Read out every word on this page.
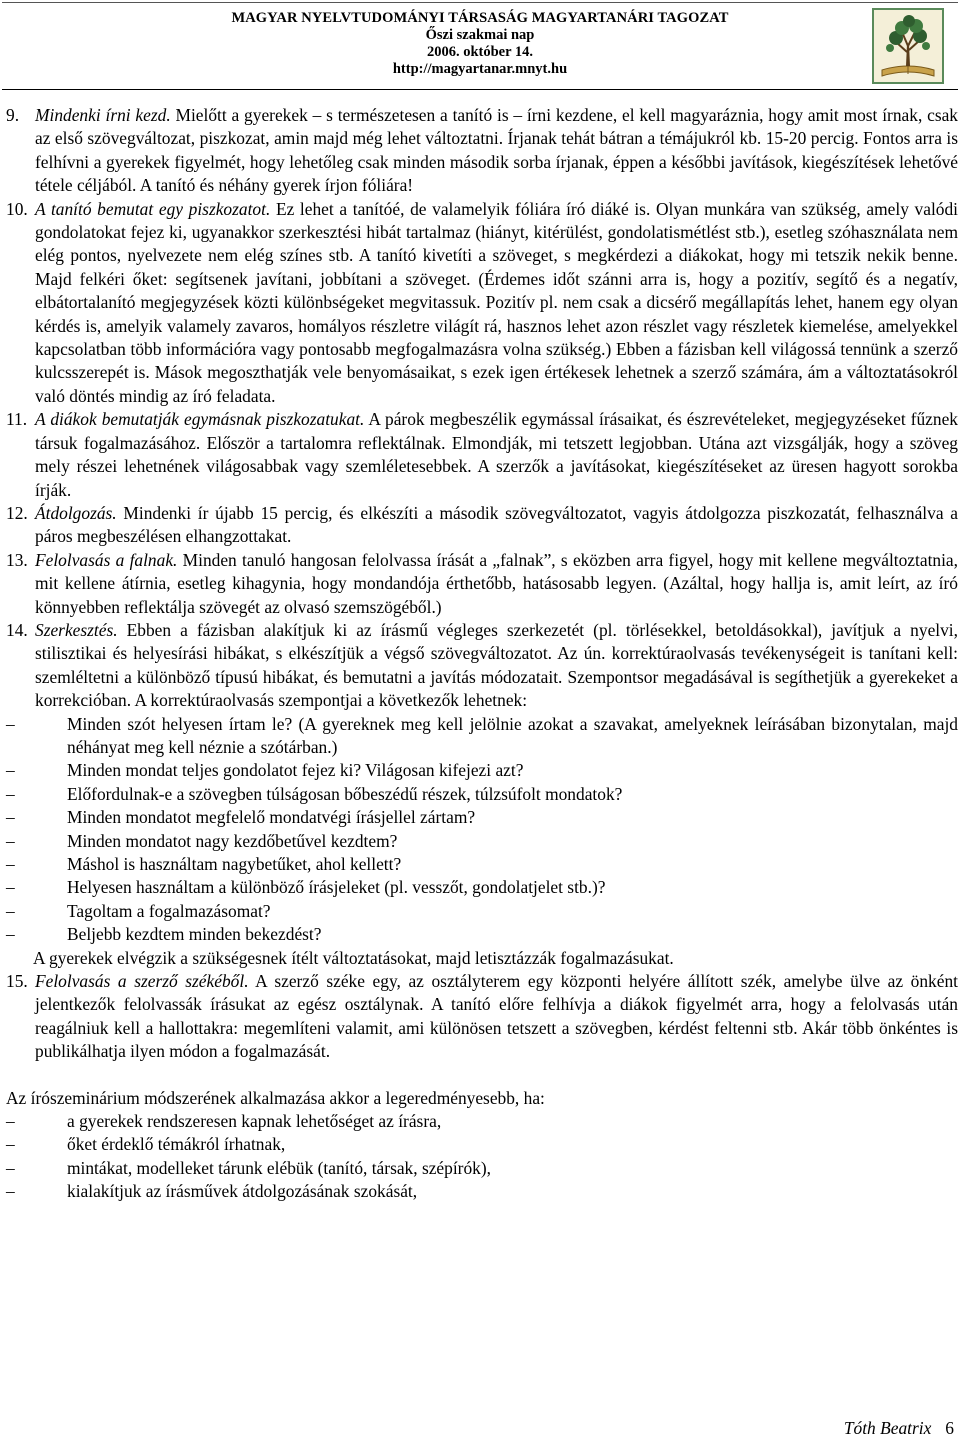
MAGYAR NYELVTUDOMÁNYI TÁRSASÁG MAGYARTANÁRI TAGOZAT
Őszi szakmai nap
2006. október 14.
http://magyartanar.mnyt.hu
9. Mindenki írni kezd. Mielőtt a gyerekek – s természetesen a tanító is – írni kezdene, el kell magyaráznia, hogy amit most írnak, csak az első szövegváltozat, piszkozat, amin majd még lehet változtatni. Írjanak tehát bátran a témájukról kb. 15-20 percig. Fontos arra is felhívni a gyerekek figyelmét, hogy lehetőleg csak minden második sorba írjanak, éppen a későbbi javítások, kiegészítések lehetővé tétele céljából. A tanító és néhány gyerek írjon fóliára!

10. A tanító bemutat egy piszkozatot. Ez lehet a tanítóé, de valamelyik fóliára író diáké is. Olyan munkára van szükség, amely valódi gondolatokat fejez ki, ugyanakkor szerkesztési hibát tartalmaz (hiányt, kitérülést, gondolatismétlést stb.), esetleg szóhasználata nem elég pontos, nyelvezete nem elég színes stb. A tanító kivetíti a szöveget, s megkérdezi a diákokat, hogy mi tetszik nekik benne. Majd felkéri őket: segítsenek javítani, jobbítani a szöveget. (Érdemes időt szánni arra is, hogy a pozitív, segítő és a negatív, elbátortalanító megjegyzések közti különbségeket megvitassuk. Pozitív pl. nem csak a dicsérő megállapítás lehet, hanem egy olyan kérdés is, amelyik valamely zavaros, homályos részletre világít rá, hasznos lehet azon részlet vagy részletek kiemelése, amelyekkel kapcsolatban több információra vagy pontosabb megfogalmazásra volna szükség.) Ebben a fázisban kell világossá tennünk a szerző kulcsszerepét is. Mások megoszthatják vele benyomásaikat, s ezek igen értékesek lehetnek a szerző számára, ám a változtatásokról való döntés mindig az író feladata.

11. A diákok bemutatják egymásnak piszkozatukat. A párok megbeszélik egymással írásaikat, és észrevételeket, megjegyzéseket fűznek társuk fogalmazásához. Először a tartalomra reflektálnak. Elmondják, mi tetszett legjobban. Utána azt vizsgálják, hogy a szöveg mely részei lehetnének világosabbak vagy szemléletesebbek. A szerzők a javításokat, kiegészítéseket az üresen hagyott sorokba írják.

12. Átdolgozás. Mindenki ír újabb 15 percig, és elkészíti a második szövegváltozatot, vagyis átdolgozza piszkozatát, felhasználva a páros megbeszélésen elhangzottakat.

13. Felolvasás a falnak. Minden tanuló hangosan felolvassa írását a „falnak”, s eközben arra figyel, hogy mit kellene megváltoztatnia, mit kellene átírnia, esetleg kihagynia, hogy mondandója érthetőbb, hatásosabb legyen. (Azáltal, hogy hallja is, amit leírt, az író könnyebben reflektálja szövegét az olvasó szemszögéből.)

14. Szerkesztés. Ebben a fázisban alakítjuk ki az írásmű végleges szerkezetét (pl. törlésekkel, betoldásokkal), javítjuk a nyelvi, stilisztikai és helyesírási hibákat, s elkészítjük a végső szövegváltozatot. Az ún. korrektúraolvasás tevékenységeit is tanítani kell: szemléltetni a különböző típusú hibákat, és bemutatni a javítás módozatait. Szempontsor megadásával is segíthetjük a gyerekeket a korrekcióban. A korrektúraolvasás szempontjai a következők lehetnek:

–	Minden szót helyesen írtam le? (A gyereknek meg kell jelölnie azokat a szavakat, amelyeknek leírásában bizonytalan, majd néhányat meg kell néznie a szótárban.)
–	Minden mondat teljes gondolatot fejez ki? Világosan kifejezi azt?
–	Előfordulnak-e a szövegben túlságosan bőbeszédű részek, túlzsúfolt mondatok?
–	Minden mondatot megfelelő mondatvégi írásjellel zártam?
–	Minden mondatot nagy kezdőbetűvel kezdtem?
–	Máshol is használtam nagybetűket, ahol kellett?
–	Helyesen használtam a különböző írásjeleket (pl. vesszőt, gondolatjelet stb.)?
–	Tagoltam a fogalmazásomat?
–	Beljebb kezdtem minden bekezdést?
A gyerekek elvégzik a szükségesnek ítélt változtatásokat, majd letisztázzák fogalmazásukat.
15. Felolvasás a szerző székéből. A szerző széke egy, az osztályterem egy központi helyére állított szék, amelybe ülve az önként jelentkezők felolvassák írásukat az egész osztálynak. A tanító előre felhívja a diákok figyelmét arra, hogy a felolvasás után reagálniuk kell a hallottakra: megemlíteni valamit, ami különösen tetszett a szövegben, kérdést feltenni stb. Akár több önkéntes is publikálhatja ilyen módon a fogalmazását.

Az írószeminárium módszerének alkalmazása akkor a legeredményesebb, ha:
–	a gyerekek rendszeresen kapnak lehetőséget az írásra,
–	őket érdeklő témákról írhatnak,
–	mintákat, modelleket tárunk elébük (tanító, társak, szépírók),
–	kialakítjuk az írásművek átdolgozásának szokását,
Tóth Beatrix 6
